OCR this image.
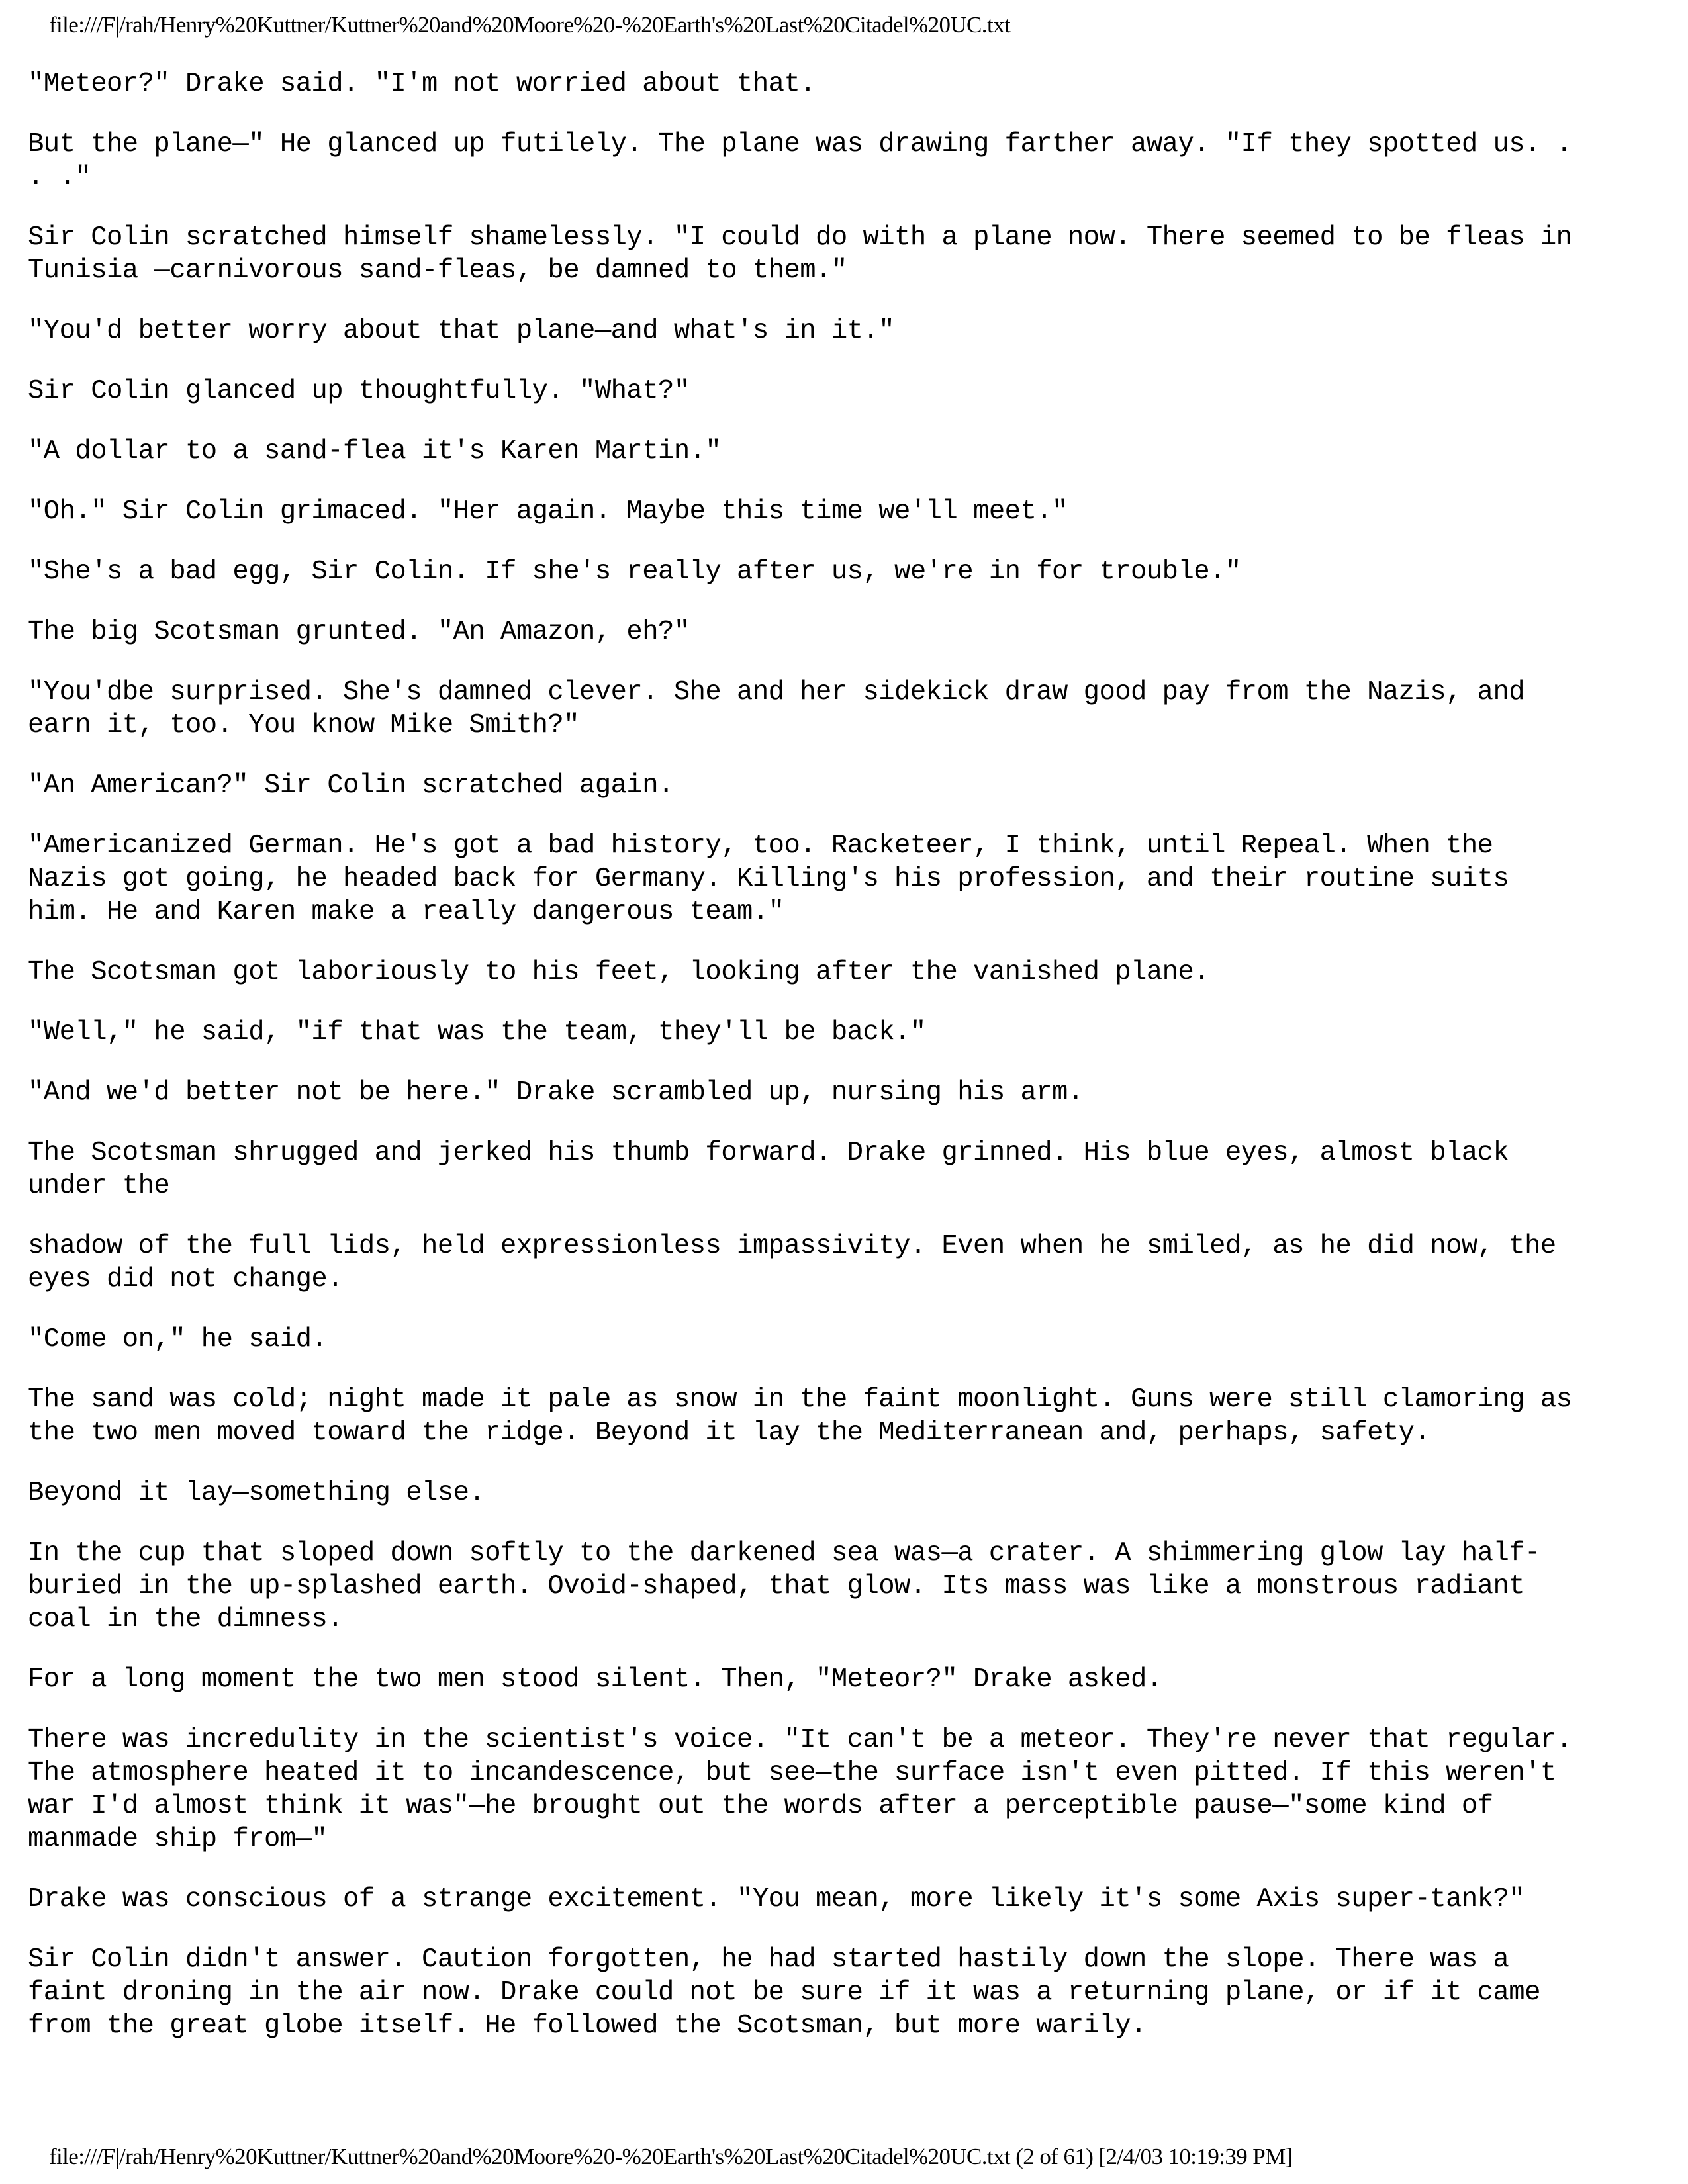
file:///F|/rah/Henry%20Kuttner/Kuttner%20and%20Moore%20-%20Earth's%20Last%20Citadel%20UC.txt

"Meteor?" Drake said. "I'm not worried about that.

But the plane—" He glanced up futilely. The plane was drawing farther away. "If they spotted us. .
. ."

Sir Colin scratched himself shamelessly. "I could do with a plane now. There seemed to be fleas in
Tunisia —carnivorous sand-fleas, be damned to them."

"You'd better worry about that plane—and what's in it."

Sir Colin glanced up thoughtfully. "What?"

"A dollar to a sand-flea it's Karen Martin."

"Oh." Sir Colin grimaced. "Her again. Maybe this time we'll meet."

"She's a bad egg, Sir Colin. If she's really after us, we're in for trouble."

The big Scotsman grunted. "An Amazon, eh?"

"You'dbe surprised. She's damned clever. She and her sidekick draw good pay from the Nazis, and
earn it, too. You know Mike Smith?"

"An American?" Sir Colin scratched again.

"Americanized German. He's got a bad history, too. Racketeer, I think, until Repeal. When the
Nazis got going, he headed back for Germany. Killing's his profession, and their routine suits
him. He and Karen make a really dangerous team."

The Scotsman got laboriously to his feet, looking after the vanished plane.

"Well," he said, "if that was the team, they'll be back."

"And we'd better not be here." Drake scrambled up, nursing his arm.

The Scotsman shrugged and jerked his thumb forward. Drake grinned. His blue eyes, almost black
under the

shadow of the full lids, held expressionless impassivity. Even when he smiled, as he did now, the
eyes did not change.

"Come on," he said.

The sand was cold; night made it pale as snow in the faint moonlight. Guns were still clamoring as
the two men moved toward the ridge. Beyond it lay the Mediterranean and, perhaps, safety.

Beyond it lay—something else.

In the cup that sloped down softly to the darkened sea was—a crater. A shimmering glow lay half-
buried in the up-splashed earth. Ovoid-shaped, that glow. Its mass was like a monstrous radiant
coal in the dimness.

For a long moment the two men stood silent. Then, "Meteor?" Drake asked.

There was incredulity in the scientist's voice. "It can't be a meteor. They're never that regular.
The atmosphere heated it to incandescence, but see—the surface isn't even pitted. If this weren't
war I'd almost think it was"—he brought out the words after a perceptible pause—"some kind of
manmade ship from—"

Drake was conscious of a strange excitement. "You mean, more likely it's some Axis super-tank?"

Sir Colin didn't answer. Caution forgotten, he had started hastily down the slope. There was a
faint droning in the air now. Drake could not be sure if it was a returning plane, or if it came
from the great globe itself. He followed the Scotsman, but more warily.

file:///F|/rah/Henry%20Kuttner/Kuttner%20and%20Moore%20-%20Earth's%20Last%20Citadel%20UC.txt (2 of 61) [2/4/03 10:19:39 PM]
